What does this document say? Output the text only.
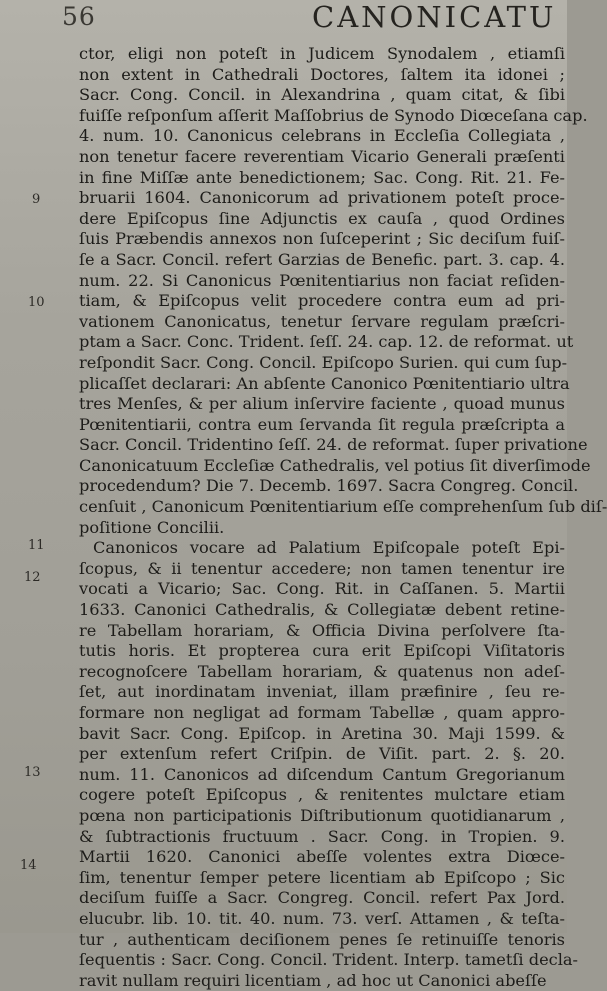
56	CANONICATU
9
10
11
12
13
14
ctor, eligi non poteſt in Judicem Synodalem , etiamſi
non extent in Cathedrali Doctores, ſaltem ita idonei ;
Sacr. Cong. Concil. in Alexandrina , quam citat, & ſibi
fuiſſe reſponſum aſſerit Maſſobrius de Synodo Diœceſana cap.
4. num. 10. Canonicus celebrans in Eccleſia Collegiata ,
non tenetur facere reverentiam Vicario Generali præſenti
in fine Miſſæ ante benedictionem; Sac. Cong. Rit. 21. Fe-
bruarii 1604. Canonicorum ad privationem poteſt proce-
dere Epiſcopus ſine Adjunctis ex cauſa , quod Ordines
ſuis Præbendis annexos non ſuſceperint ; Sic deciſum fuiſ-
ſe a Sacr. Concil. refert Garzias de Benefic. part. 3. cap. 4.
num. 22. Si Canonicus Pœnitentiarius non faciat reſiden-
tiam, & Epiſcopus velit procedere contra eum ad pri-
vationem Canonicatus, tenetur ſervare regulam præſcri-
ptam a Sacr. Conc. Trident. ſeſſ. 24. cap. 12. de reformat. ut
reſpondit Sacr. Cong. Concil. Epiſcopo Surien. qui cum ſup-
plicaſſet declarari: An abſente Canonico Pœnitentiario ultra
tres Menſes, & per alium inſervire faciente , quoad munus
Pœnitentiarii, contra eum ſervanda ſit regula præſcripta a
Sacr. Concil. Tridentino ſeſſ. 24. de reformat. ſuper privatione
Canonicatuum Eccleſiæ Cathedralis, vel potius ſit diverſimode
procedendum? Die 7. Decemb. 1697. Sacra Congreg. Concil.
cenſuit , Canonicum Pœnitentiarium eſſe comprehenſum ſub diſ-
poſitione Concilii.
Canonicos vocare ad Palatium Epiſcopale poteſt Epi-
ſcopus, & ii tenentur accedere; non tamen tenentur ire
vocati a Vicario; Sac. Cong. Rit. in Caſſanen. 5. Martii
1633. Canonici Cathedralis, & Collegiatæ debent retine-
re Tabellam horariam, & Officia Divina perſolvere ſta-
tutis horis. Et propterea cura erit Epiſcopi Viſitatoris
recognoſcere Tabellam horariam, & quatenus non adeſ-
ſet, aut inordinatam inveniat, illam præfinire , ſeu re-
formare non negligat ad formam Tabellæ , quam appro-
bavit Sacr. Cong. Epiſcop. in Aretina 30. Maji 1599. &
per extenſum refert Criſpin. de Viſit. part. 2. §. 20.
num. 11. Canonicos ad diſcendum Cantum Gregorianum
cogere poteſt Epiſcopus , & renitentes mulctare etiam
pœna non participationis Diſtributionum quotidianarum ,
& ſubtractionis fructuum . Sacr. Cong. in Tropien. 9.
Martii 1620. Canonici abeſſe volentes extra Diœce-
ſim, tenentur ſemper petere licentiam ab Epiſcopo ; Sic
deciſum fuiſſe a Sacr. Congreg. Concil. refert Pax Jord.
elucubr. lib. 10. tit. 40. num. 73. verſ. Attamen , & teſta-
tur , authenticam deciſionem penes ſe retinuiſſe tenoris
ſequentis : Sacr. Cong. Concil. Trident. Interp. tametſi decla-
ravit nullam requiri licentiam , ad hoc ut Canonici abeſſe
